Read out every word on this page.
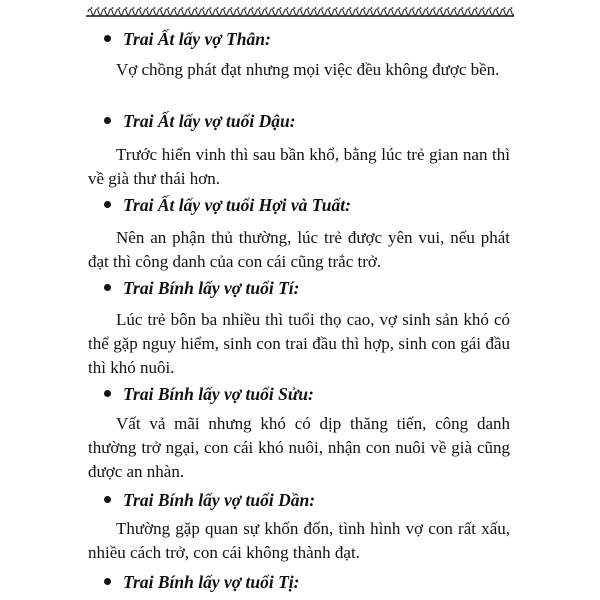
Trai Ất lấy vợ Thân:
Vợ chồng phát đạt nhưng mọi việc đều không được bền.
Trai Ất lấy vợ tuổi Dậu:
Trước hiển vinh thì sau bần khổ, bằng lúc trẻ gian nan thì về già thư thái hơn.
Trai Ất lấy vợ tuổi Hợi và Tuất:
Nên an phận thủ thường, lúc trẻ được yên vui, nếu phát đạt thì công danh của con cái cũng trắc trở.
Trai Bính lấy vợ tuổi Tí:
Lúc trẻ bôn ba nhiều thì tuổi thọ cao, vợ sinh sản khó có thể gặp nguy hiểm, sinh con trai đầu thì hợp, sinh con gái đầu thì khó nuôi.
Trai Bính lấy vợ tuổi Sửu:
Vất vả mãi nhưng khó có dịp thăng tiến, công danh thường trở ngại, con cái khó nuôi, nhận con nuôi về già cũng được an nhàn.
Trai Bính lấy vợ tuổi Dần:
Thường gặp quan sự khốn đốn, tình hình vợ con rất xấu, nhiều cách trở, con cái không thành đạt.
Trai Bính lấy vợ tuổi Tị:
